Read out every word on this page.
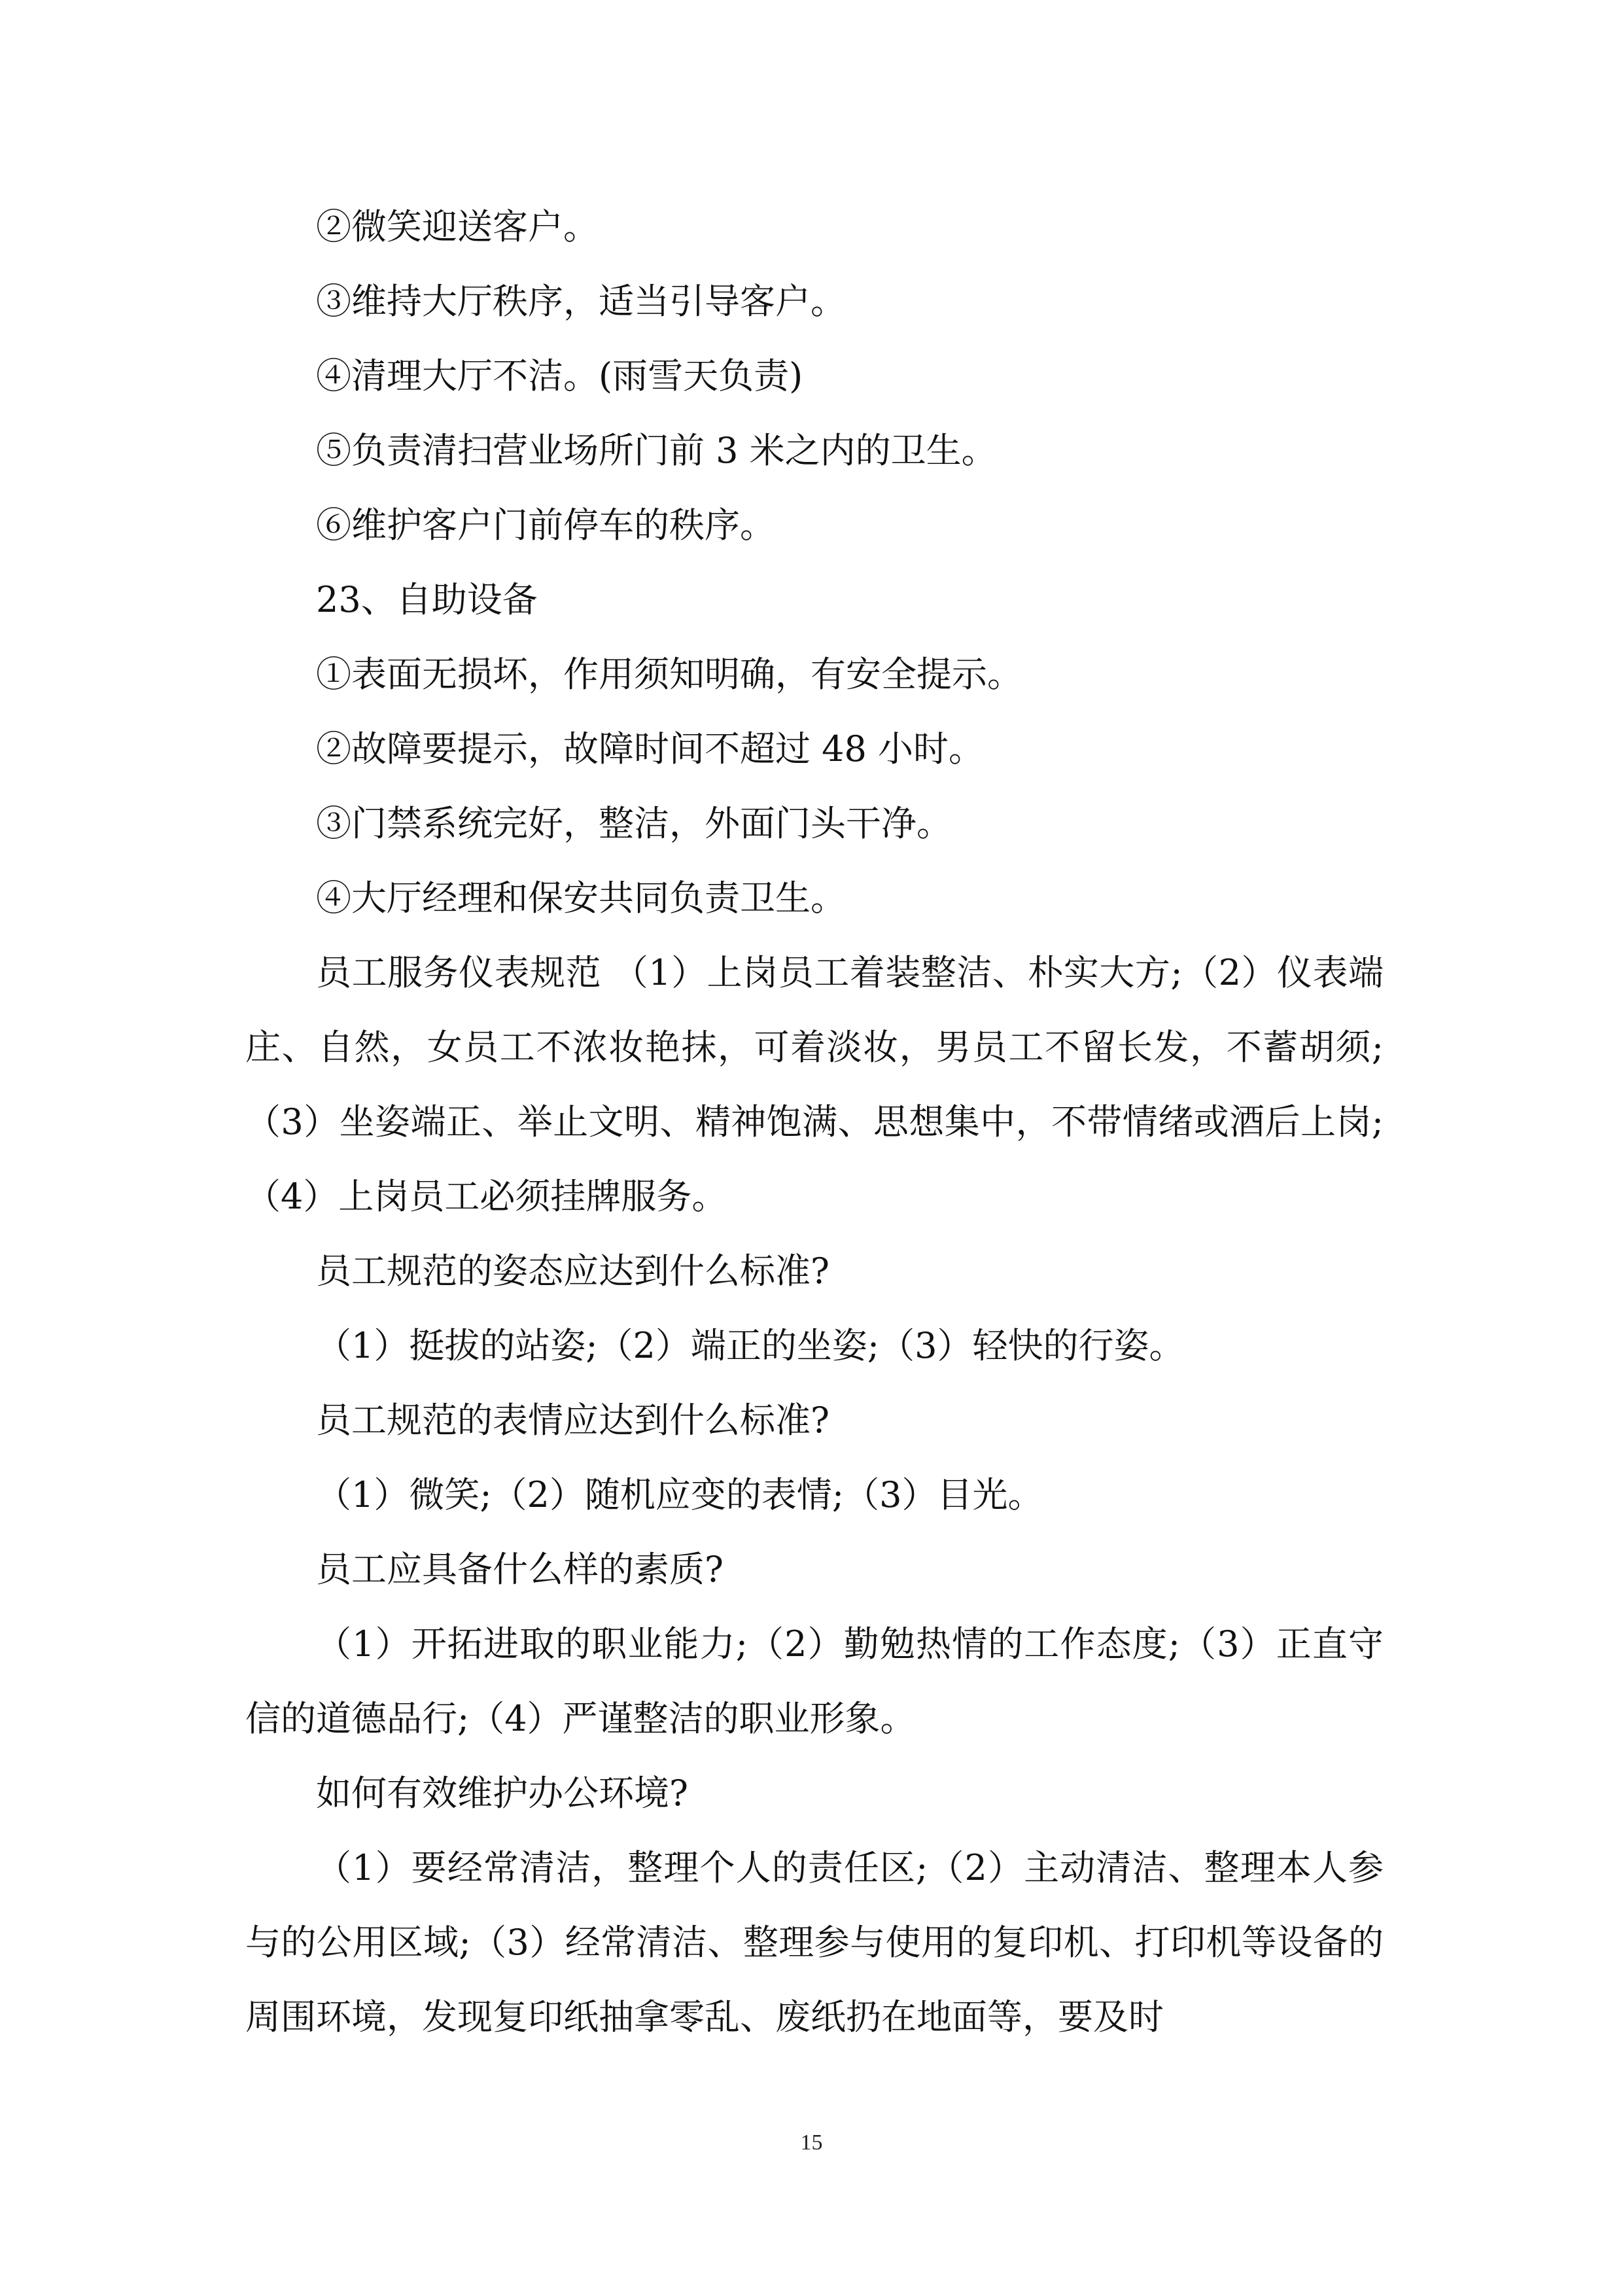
②微笑迎送客户。

③维持大厅秩序，适当引导客户。

④清理大厅不洁。(雨雪天负责)

⑤负责清扫营业场所门前 3 米之内的卫生。

⑥维护客户门前停车的秩序。

23、自助设备

①表面无损坏，作用须知明确，有安全提示。

②故障要提示，故障时间不超过 48 小时。

③门禁系统完好，整洁，外面门头干净。

④大厅经理和保安共同负责卫生。

员工服务仪表规范 （1）上岗员工着装整洁、朴实大方;（2）仪表端庄、自然，女员工不浓妆艳抹，可着淡妆，男员工不留长发，不蓄胡须;（3）坐姿端正、举止文明、精神饱满、思想集中，不带情绪或酒后上岗;（4）上岗员工必须挂牌服务。

员工规范的姿态应达到什么标准?

（1）挺拔的站姿;（2）端正的坐姿;（3）轻快的行姿。

员工规范的表情应达到什么标准?

（1）微笑;（2）随机应变的表情;（3）目光。

员工应具备什么样的素质?

（1）开拓进取的职业能力;（2）勤勉热情的工作态度;（3）正直守信的道德品行;（4）严谨整洁的职业形象。

如何有效维护办公环境?

（1）要经常清洁，整理个人的责任区;（2）主动清洁、整理本人参与的公用区域;（3）经常清洁、整理参与使用的复印机、打印机等设备的周围环境，发现复印纸抽拿零乱、废纸扔在地面等，要及时

15
